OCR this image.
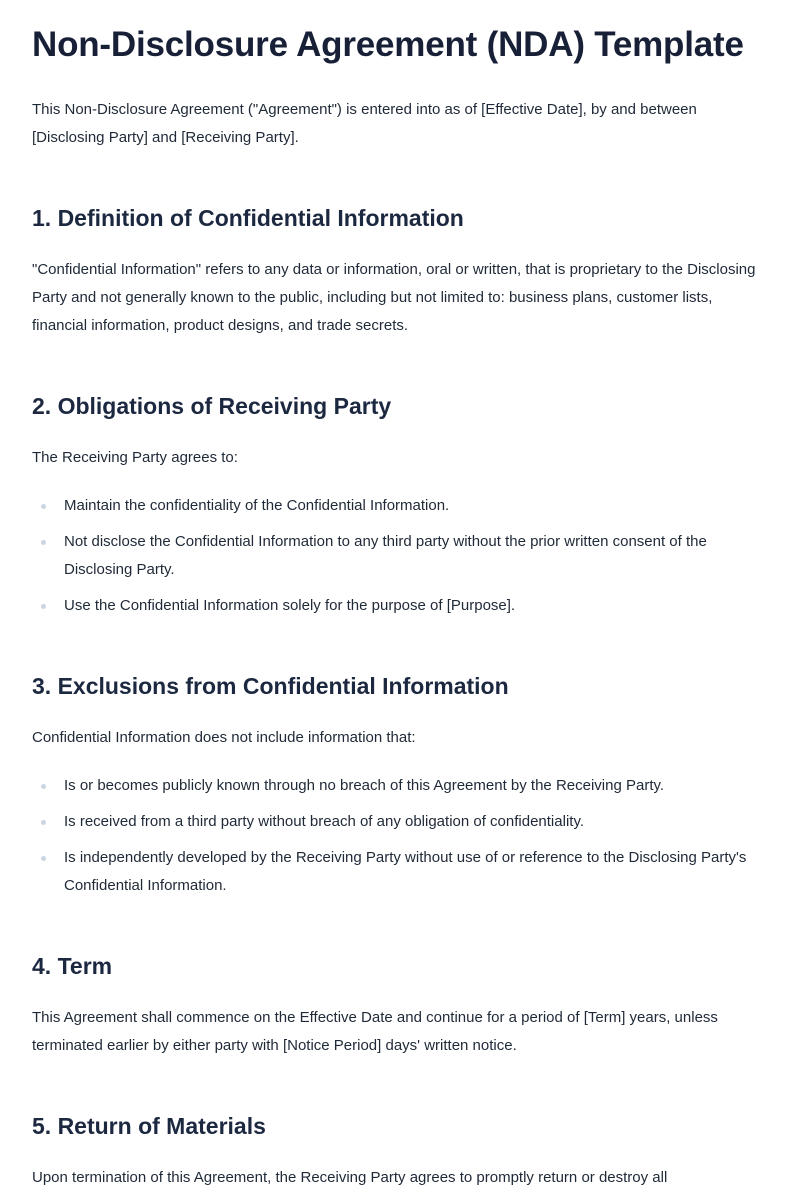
Non-Disclosure Agreement (NDA) Template

This Non-Disclosure Agreement ("Agreement") is entered into as of [Effective Date], by and between [Disclosing Party] and [Receiving Party].

1. Definition of Confidential Information

"Confidential Information" refers to any data or information, oral or written, that is proprietary to the Disclosing Party and not generally known to the public, including but not limited to: business plans, customer lists, financial information, product designs, and trade secrets.

2. Obligations of Receiving Party

The Receiving Party agrees to:

Maintain the confidentiality of the Confidential Information.
Not disclose the Confidential Information to any third party without the prior written consent of the Disclosing Party.
Use the Confidential Information solely for the purpose of [Purpose].
3. Exclusions from Confidential Information

Confidential Information does not include information that:

Is or becomes publicly known through no breach of this Agreement by the Receiving Party.
Is received from a third party without breach of any obligation of confidentiality.
Is independently developed by the Receiving Party without use of or reference to the Disclosing Party's Confidential Information.
4. Term

This Agreement shall commence on the Effective Date and continue for a period of [Term] years, unless terminated earlier by either party with [Notice Period] days' written notice.

5. Return of Materials

Upon termination of this Agreement, the Receiving Party agrees to promptly return or destroy all
